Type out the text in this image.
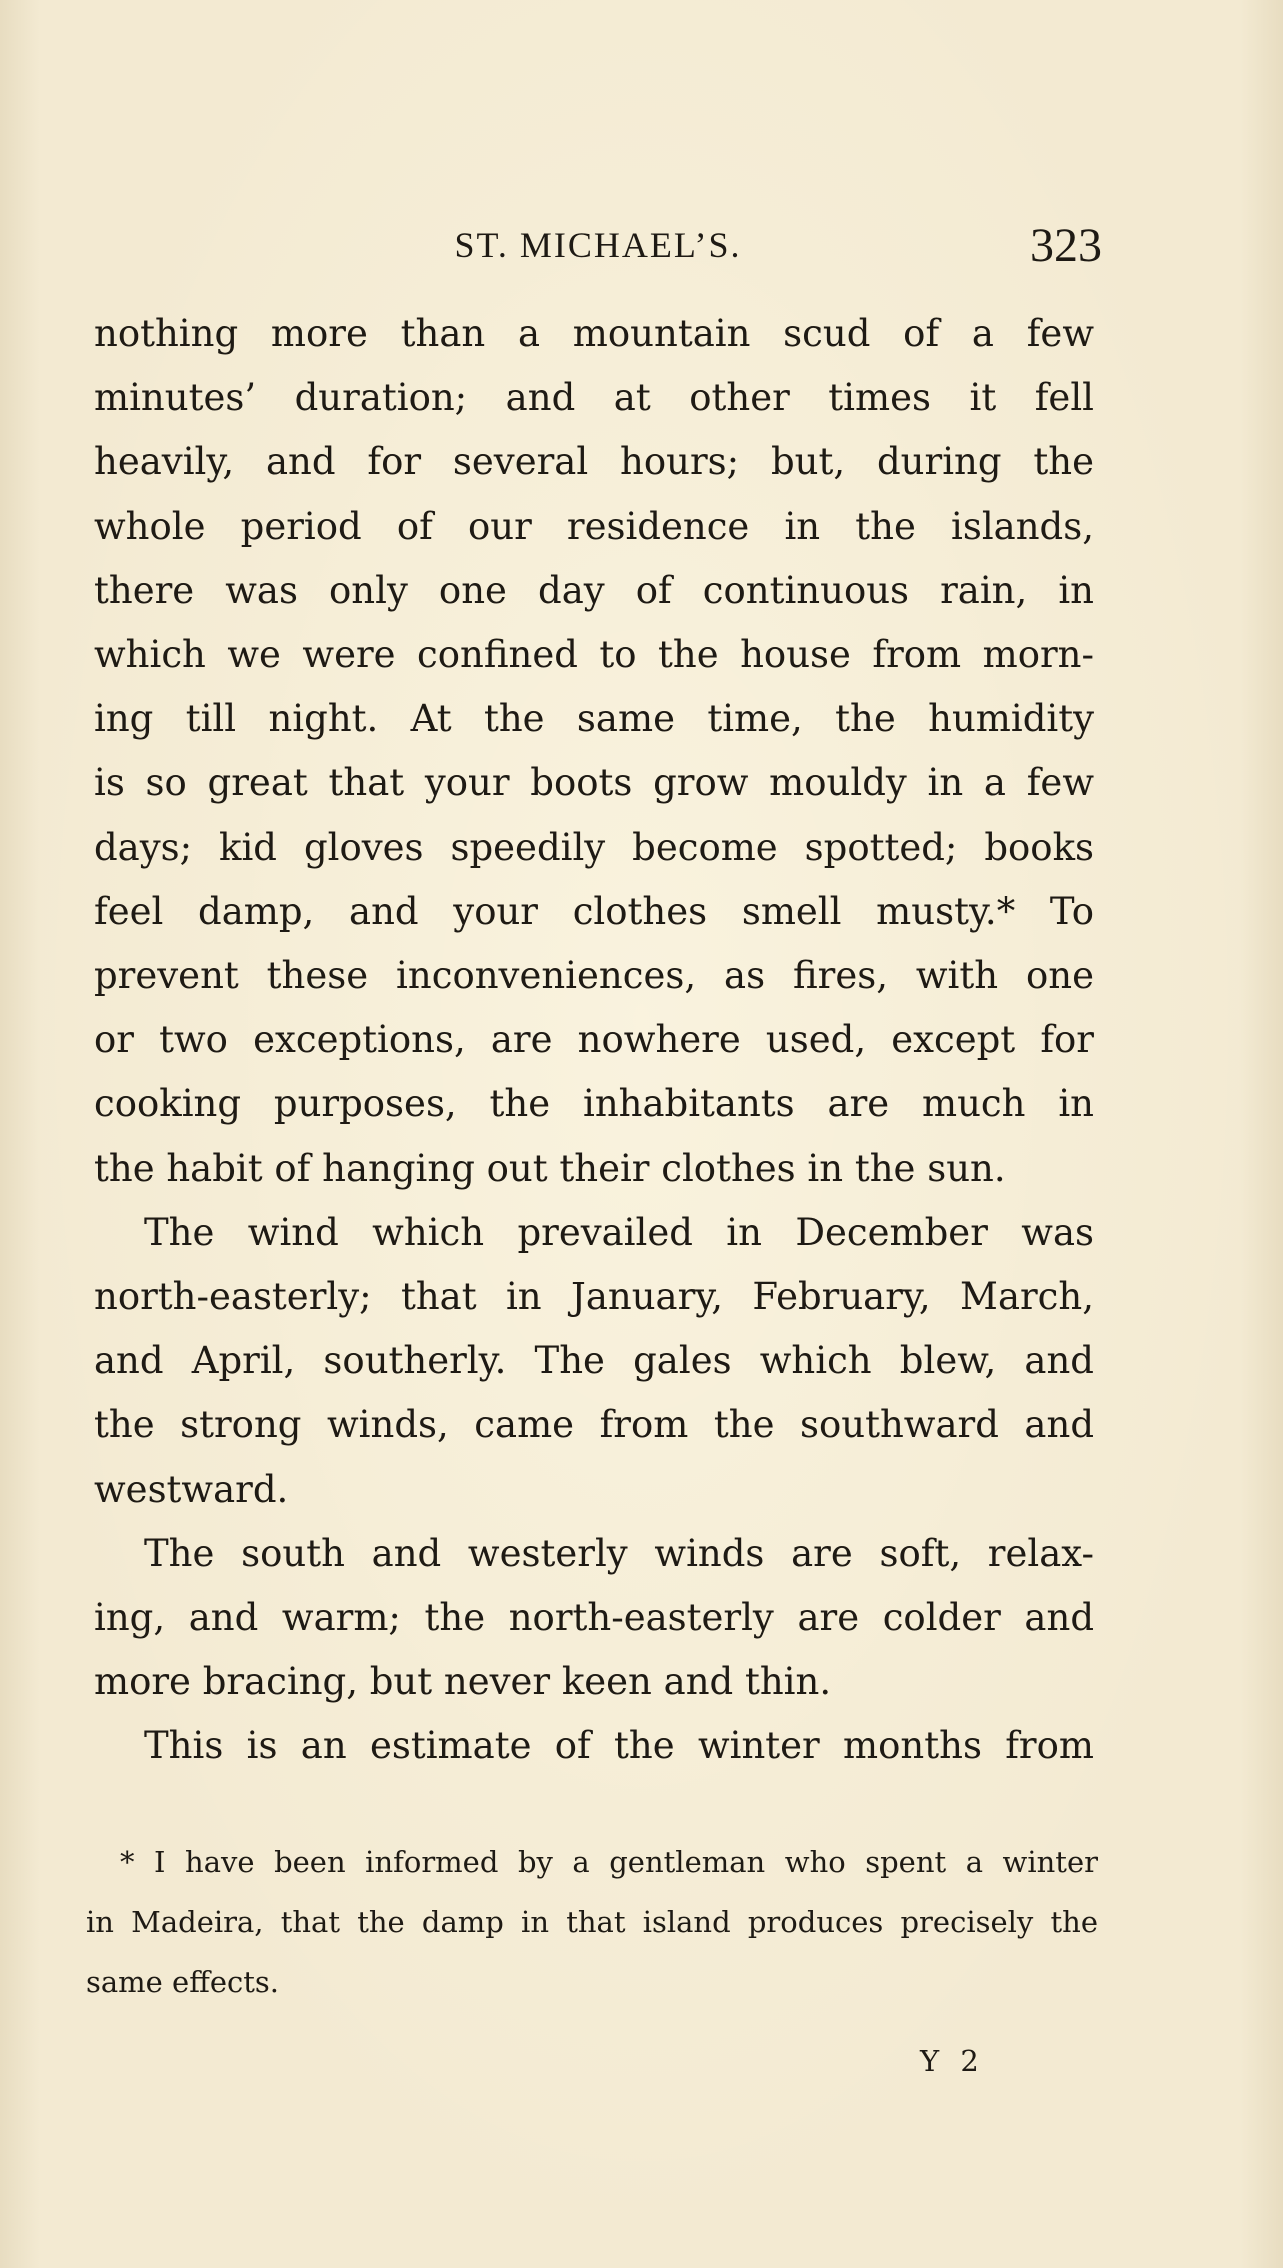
ST. MICHAEL’S.	323
nothing more than a mountain scud of a few
minutes’ duration; and at other times it fell
heavily, and for several hours; but, during the
whole period of our residence in the islands,
there was only one day of continuous rain, in
which we were confined to the house from morn-
ing till night. At the same time, the humidity
is so great that your boots grow mouldy in a few
days; kid gloves speedily become spotted; books
feel damp, and your clothes smell musty.* To
prevent these inconveniences, as fires, with one
or two exceptions, are nowhere used, except for
cooking purposes, the inhabitants are much in
the habit of hanging out their clothes in the sun.
The wind which prevailed in December was
north-easterly; that in January, February, March,
and April, southerly. The gales which blew, and
the strong winds, came from the southward and
westward.
The south and westerly winds are soft, relax-
ing, and warm; the north-easterly are colder and
more bracing, but never keen and thin.
This is an estimate of the winter months from
* I have been informed by a gentleman who spent a winter
in Madeira, that the damp in that island produces precisely the
same effects.
Y 2
